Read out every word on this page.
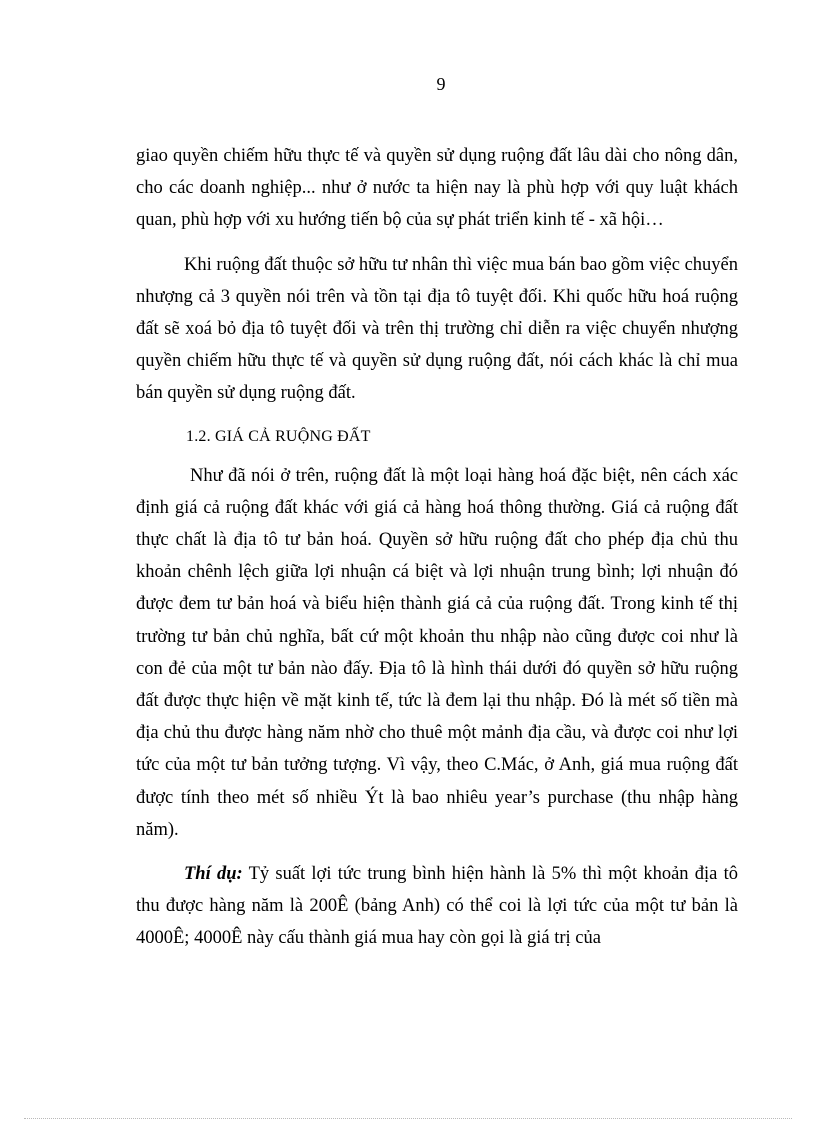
9

giao quyền chiếm hữu thực tế và quyền sử dụng ruộng đất lâu dài cho nông dân, cho các doanh nghiệp... như ở nước ta hiện nay là phù hợp với quy luật khách quan, phù hợp với xu hướng tiến bộ của sự phát triển kinh tế - xã hội…

Khi ruộng đất thuộc sở hữu tư nhân thì việc mua bán bao gồm việc chuyển nhượng cả 3 quyền nói trên và tồn tại địa tô tuyệt đối. Khi quốc hữu hoá ruộng đất sẽ xoá bỏ địa tô tuyệt đối và trên thị trường chỉ diễn ra việc chuyển nhượng quyền chiếm hữu thực tế và quyền sử dụng ruộng đất, nói cách khác là chỉ mua bán quyền sử dụng ruộng đất.

1.2. GIÁ CẢ RUỘNG ĐẤT

Như đã nói ở trên, ruộng đất là một loại hàng hoá đặc biệt, nên cách xác định giá cả ruộng đất khác với giá cả hàng hoá thông thường. Giá cả ruộng đất thực chất là địa tô tư bản hoá. Quyền sở hữu ruộng đất cho phép địa chủ thu khoản chênh lệch giữa lợi nhuận cá biệt và lợi nhuận trung bình; lợi nhuận đó được đem tư bản hoá và biểu hiện thành giá cả của ruộng đất. Trong kinh tế thị trường tư bản chủ nghĩa, bất cứ một khoản thu nhập nào cũng được coi như là con đẻ của một tư bản nào đấy. Địa tô là hình thái dưới đó quyền sở hữu ruộng đất được thực hiện về mặt kinh tế, tức là đem lại thu nhập. Đó là mét số tiền mà địa chủ thu được hàng năm nhờ cho thuê một mảnh địa cầu, và được coi như lợi tức của một tư bản tưởng tượng. Vì vậy, theo C.Mác, ở Anh, giá mua ruộng đất được tính theo mét số nhiều Ýt là bao nhiêu year’s purchase (thu nhập hàng năm).

Thí dụ: Tỷ suất lợi tức trung bình hiện hành là 5% thì một khoản địa tô thu được hàng năm là 200Ê (bảng Anh) có thể coi là lợi tức của một tư bản là 4000Ê; 4000Ê này cấu thành giá mua hay còn gọi là giá trị của
